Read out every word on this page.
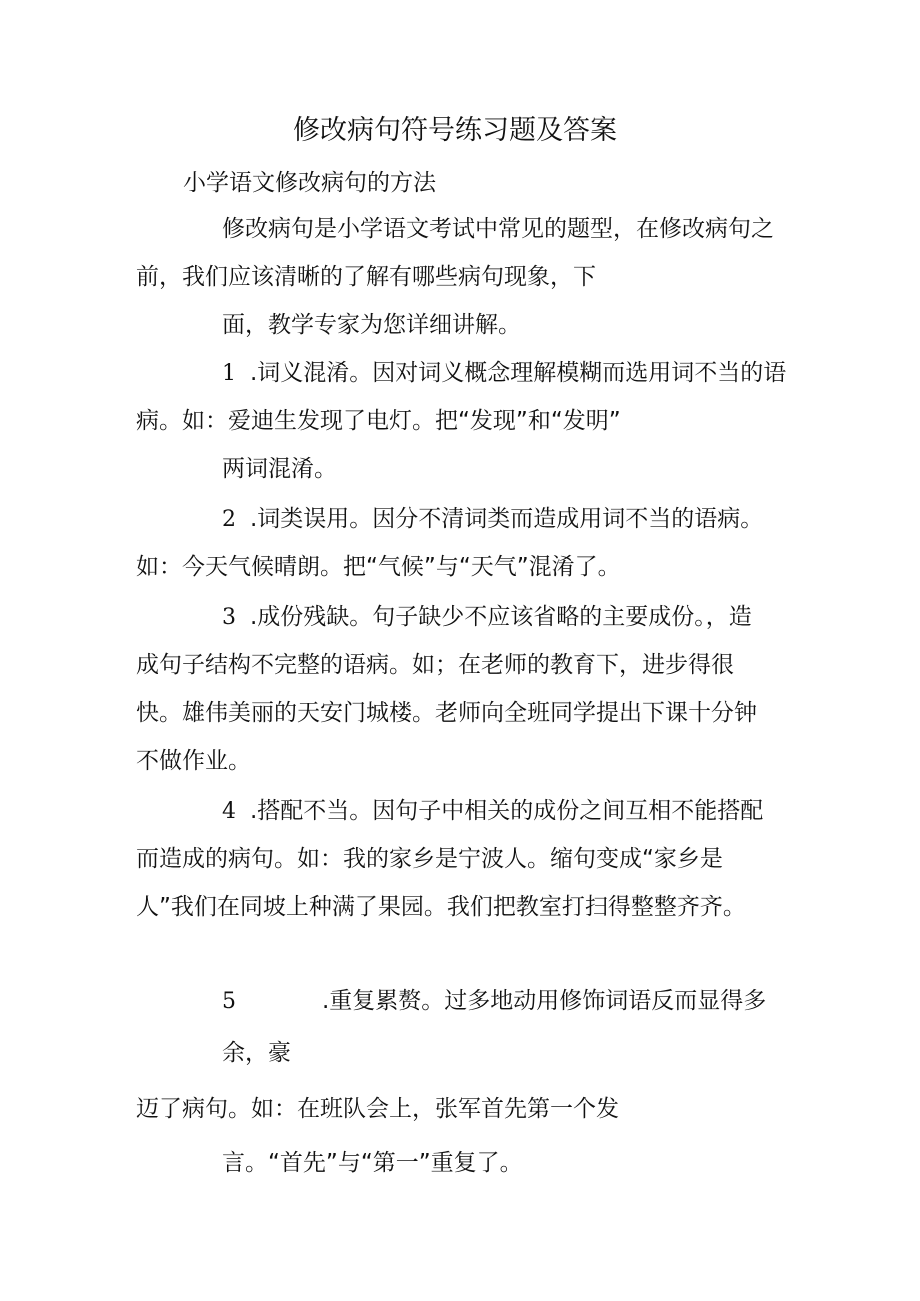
修改病句符号练习题及答案
小学语文修改病句的方法
修改病句是小学语文考试中常见的题型，在修改病句之
前，我们应该清晰的了解有哪些病句现象，下
面，教学专家为您详细讲解。
1 .词义混淆。因对词义概念理解模糊而选用词不当的语
病。如：爱迪生发现了电灯。把“发现”和“发明”
两词混淆。
2 .词类误用。因分不清词类而造成用词不当的语病。
如：今天气候晴朗。把“气候”与“天气”混淆了。
3 .成份残缺。句子缺少不应该省略的主要成份。，造
成句子结构不完整的语病。如；在老师的教育下，进步得很
快。雄伟美丽的天安门城楼。老师向全班同学提出下课十分钟
不做作业。
4 .搭配不当。因句子中相关的成份之间互相不能搭配
而造成的病句。如：我的家乡是宁波人。缩句变成“家乡是
人”我们在同坡上种满了果园。我们把教室打扫得整整齐齐。
5	.重复累赘。过多地动用修饰词语反而显得多
余，豪
迈了病句。如：在班队会上，张军首先第一个发
言。“首先”与“第一”重复了。
